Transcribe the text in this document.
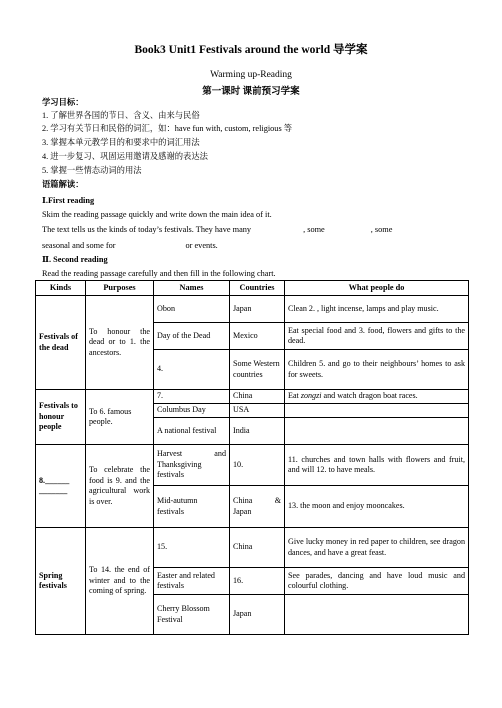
Book3 Unit1 Festivals around the world 导学案
Warming up-Reading
第一课时 课前预习学案
学习目标：
1. 了解世界各国的节日、含义、由来与民俗
2. 学习有关节日和民俗的词汇，如：have fun with, custom, religious 等
3. 掌握本单元教学目的和要求中的词汇用法
4. 进一步复习、巩固运用邀请及感谢的表达法
5. 掌握一些情态动词的用法
语篇解读：
Ⅰ.First reading
Skim the reading passage quickly and write down the main idea of it.
The text tells us the kinds of today’s festivals. They have many	, some	, some
seasonal and some for	or events.
Ⅱ. Second reading
Read the reading passage carefully and then fill in the following chart.
Kinds	Purposes	Names	Countries	What people do
Festivals of the dead	To honour the dead or to 1. the ancestors.	Obon	Japan	Clean 2. , light incense, lamps and play music.
		Day of the Dead	Mexico	Eat special food and 3. food, flowers and gifts to the dead.
		4.	Some Western countries	Children 5. and go to their neighbours’ homes to ask for sweets.
Festivals to honour people	To 6. famous people.	7.	China	Eat zongzi and watch dragon boat races.
		Columbus Day	USA	
		A national festival	India	
8.______ _______	To celebrate the food is 9. and the agricultural work is over.	Harvest and Thanksgiving festivals	10.	11. churches and town halls with flowers and fruit, and will 12. to have meals.
		Mid-autumn festivals	China & Japan	13. the moon and enjoy mooncakes.
Spring festivals	To 14. the end of winter and to the coming of spring.	15.	China	Give lucky money in red paper to children, see dragon dances, and have a great feast.
		Easter and related festivals	16.	See parades, dancing and have loud music and colourful clothing.
		Cherry Blossom Festival	Japan	
